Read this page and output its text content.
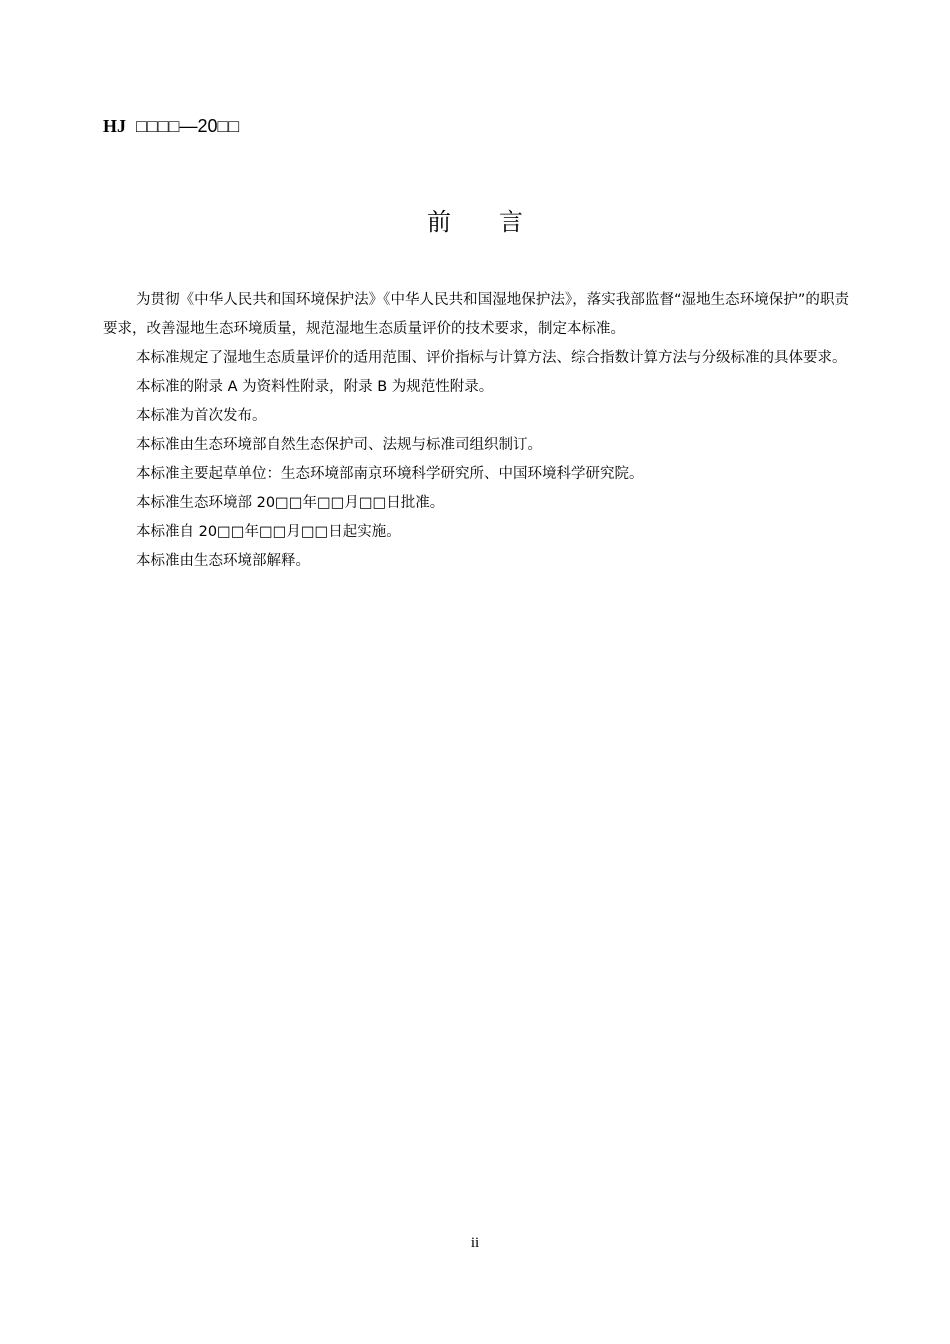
HJ □□□□—20□□
前 言

为贯彻《中华人民共和国环境保护法》《中华人民共和国湿地保护法》，落实我部监督“湿地生态环境保护”的职责要求，改善湿地生态环境质量，规范湿地生态质量评价的技术要求，制定本标准。

本标准规定了湿地生态质量评价的适用范围、评价指标与计算方法、综合指数计算方法与分级标准的具体要求。

本标准的附录 A 为资料性附录，附录 B 为规范性附录。

本标准为首次发布。

本标准由生态环境部自然生态保护司、法规与标准司组织制订。

本标准主要起草单位：生态环境部南京环境科学研究所、中国环境科学研究院。

本标准生态环境部 20□□年□□月□□日批准。

本标准自 20□□年□□月□□日起实施。

本标准由生态环境部解释。

ii
